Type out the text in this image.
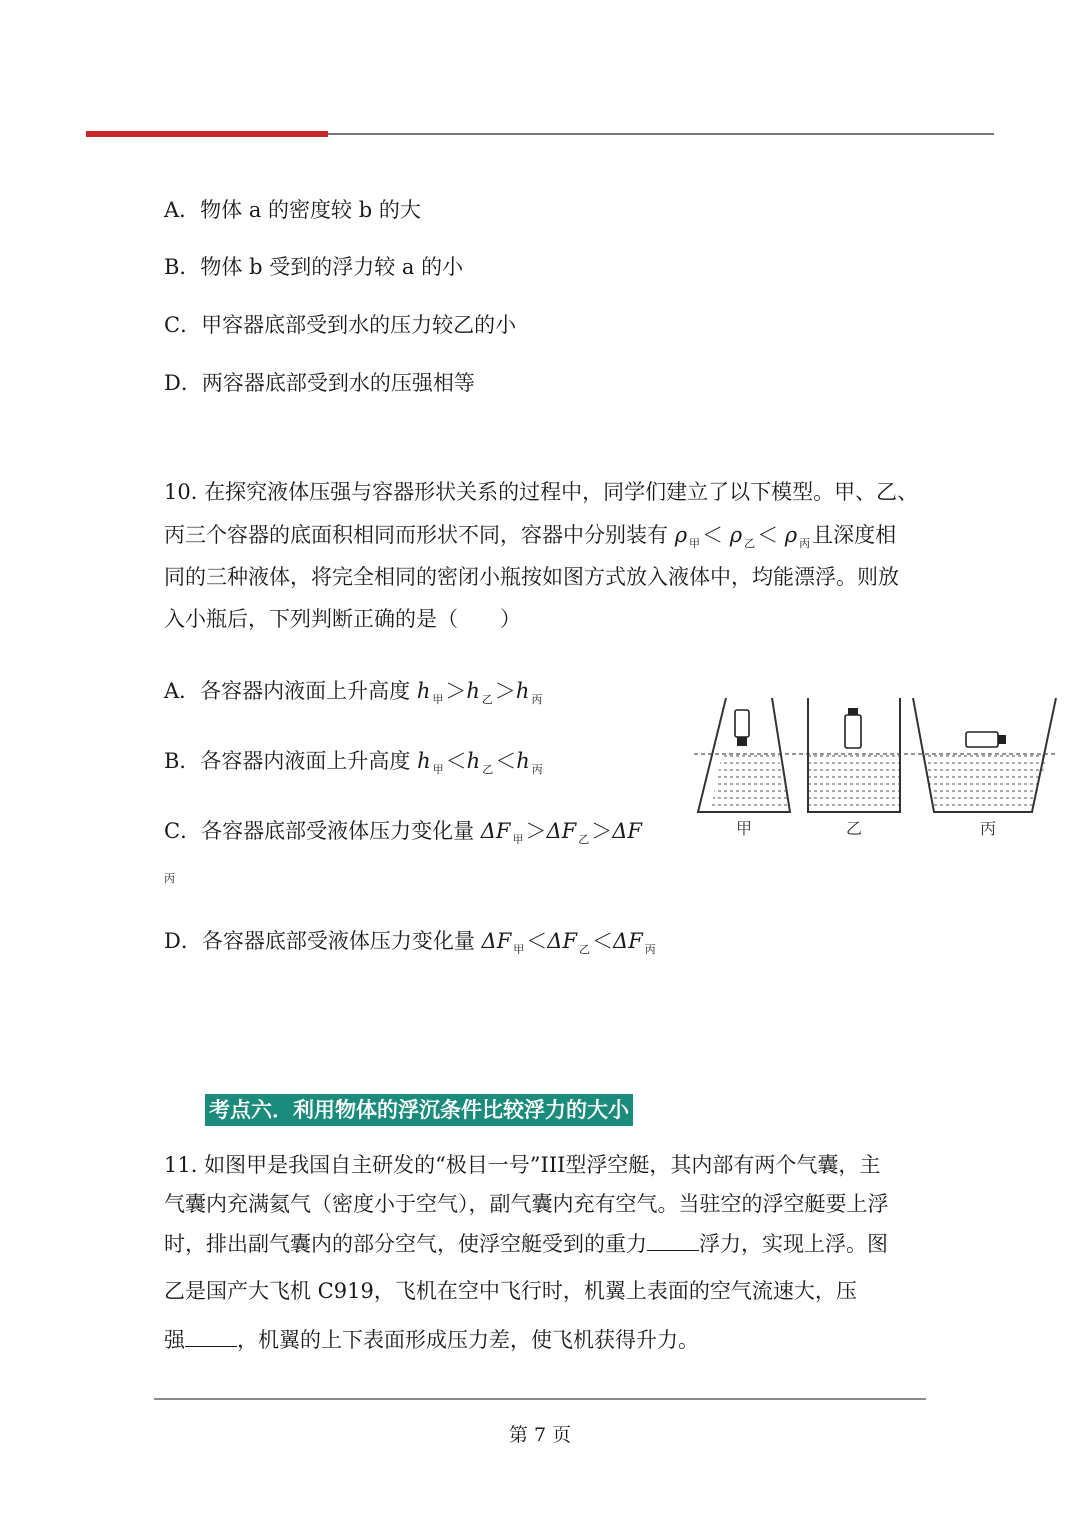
A．物体 a 的密度较 b 的大
B．物体 b 受到的浮力较 a 的小
C．甲容器底部受到水的压力较乙的小
D．两容器底部受到水的压强相等
10. 在探究液体压强与容器形状关系的过程中，同学们建立了以下模型。甲、乙、
丙三个容器的底面积相同而形状不同，容器中分别装有 ρ $_甲$＜ ρ $_乙$＜ ρ $_丙$且深度相
同的三种液体，将完全相同的密闭小瓶按如图方式放入液体中，均能漂浮。则放
入小瓶后，下列判断正确的是（　　）
A．各容器内液面上升高度 h $_甲$＞h $_乙$＞h $_丙$
B．各容器内液面上升高度 h $_甲$＜h $_乙$＜h $_丙$
C．各容器底部受液体压力变化量 ΔF $_甲$＞ΔF $_乙$＞ΔF
丙
D．各容器底部受液体压力变化量 ΔF $_甲$＜ΔF $_乙$＜ΔF $_丙$
甲	乙	丙
考点六．利用物体的浮沉条件比较浮力的大小
11. 如图甲是我国自主研发的“极目一号”III型浮空艇，其内部有两个气囊，主
气囊内充满氦气（密度小于空气），副气囊内充有空气。当驻空的浮空艇要上浮
时，排出副气囊内的部分空气，使浮空艇受到的重力 浮力，实现上浮。图
乙是国产大飞机 C919，飞机在空中飞行时，机翼上表面的空气流速大，压
强 ，机翼的上下表面形成压力差，使飞机获得升力。
第 7 页
